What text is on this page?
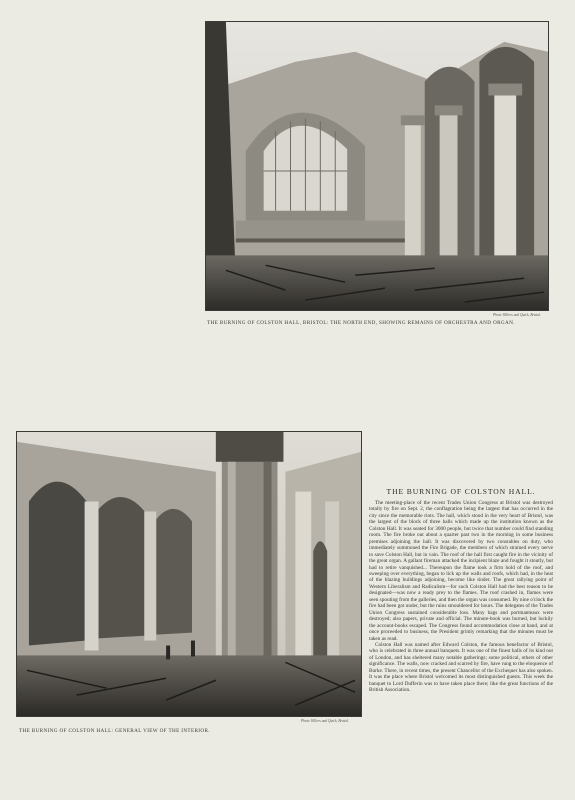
Photo Villiers and Quick, Bristol.
THE BURNING OF COLSTON HALL, BRISTOL: THE NORTH END, SHOWING REMAINS OF ORCHESTRA AND ORGAN.
Photo Villiers and Quick, Bristol.
THE BURNING OF COLSTON HALL: GENERAL VIEW OF THE INTERIOR.
THE BURNING OF COLSTON HALL.

The meeting-place of the recent Trades Union Congress at Bristol was destroyed totally by fire on Sept. 2, the conflagration being the largest that has occurred in the city since the memorable riots. The hall, which stood in the very heart of Bristol, was the largest of the block of three halls which made up the institution known as the Colston Hall. It was seated for 3000 people, but twice that number could find standing room. The fire broke out about a quarter past two in the morning in some business premises adjoining the hall. It was discovered by two constables on duty, who immediately summoned the Fire Brigade, the members of which strained every nerve to save Colston Hall, but in vain. The roof of the hall first caught fire in the vicinity of the great organ. A gallant fireman attacked the incipient blaze and fought it stoutly, but had to retire vanquished... Thereupon the flame took a firm hold of the roof, and sweeping over everything, began to lick up the walls and roofs, which had, in the heat of the blazing buildings adjoining, become like tinder. The great rallying point of Western Liberalism and Radicalism—for such Colston Hall had the best reason to be designated—was now a ready prey to the flames. The roof crashed in, flames were seen spouting from the galleries, and then the organ was consumed. By nine o'clock the fire had been got under, but the ruins smouldered for hours. The delegates of the Trades Union Congress sustained considerable loss. Many bags and portmanteaux were destroyed; also papers, private and official. The minute-book was burned, but luckily the account-books escaped. The Congress found accommodation close at hand, and at once proceeded to business, the President grimly remarking that the minutes must be taken as read.

Colston Hall was named after Edward Colston, the famous benefactor of Bristol, who is celebrated in three annual banquets. It was one of the finest halls of its kind out of London, and has sheltered many notable gatherings; some political, others of other significance. The walls, now cracked and scarred by fire, have rung to the eloquence of Burke. There, in recent times, the present Chancellor of the Exchequer has also spoken. It was the place where Bristol welcomed its most distinguished guests. This week the banquet to Lord Dufferin was to have taken place there; like the great functions of the British Association.
